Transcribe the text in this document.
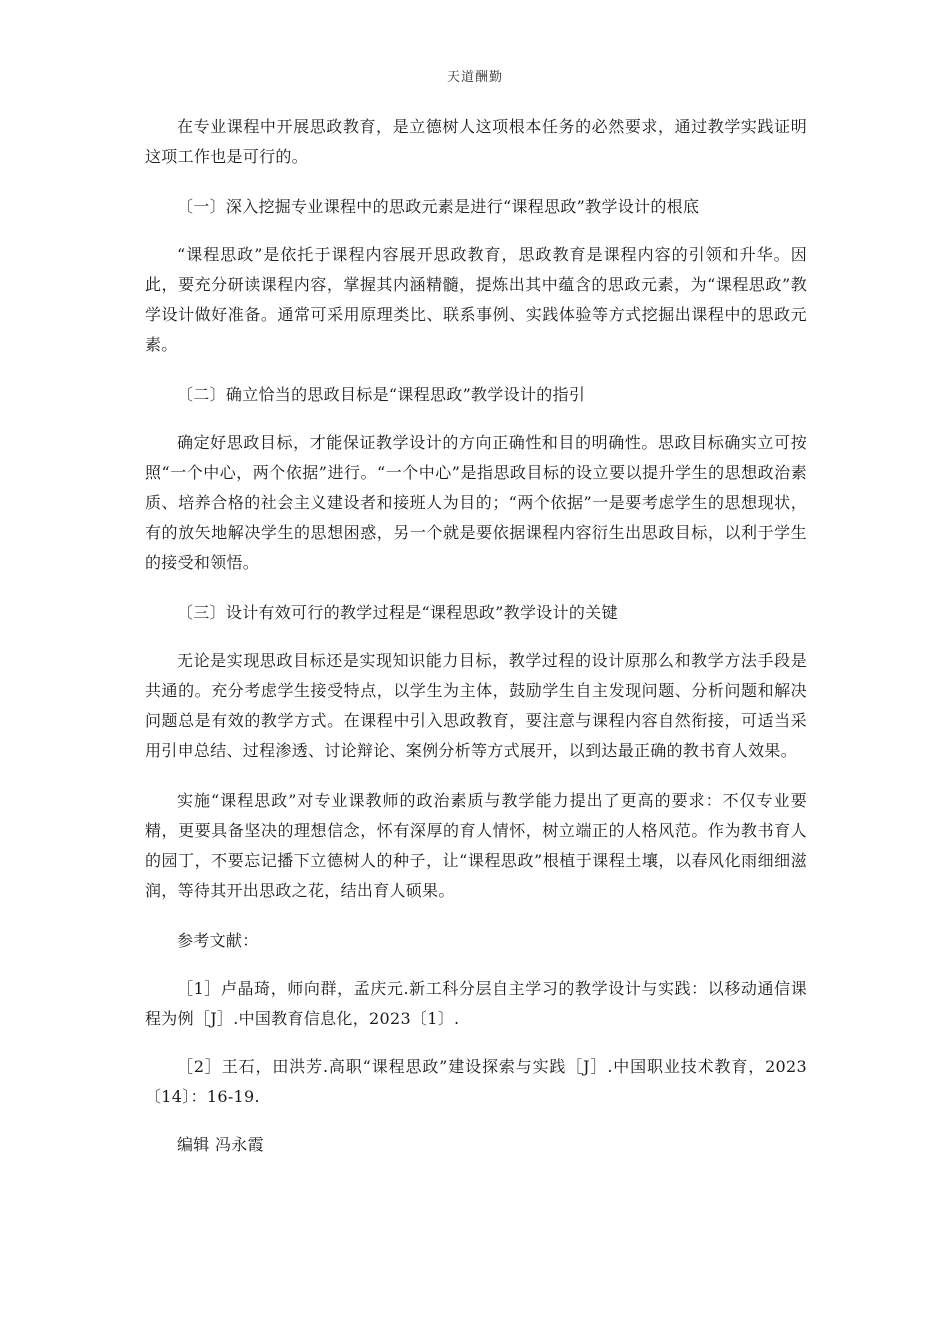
天道酬勤

在专业课程中开展思政教育，是立德树人这项根本任务的必然要求，通过教学实践证明这项工作也是可行的。

〔一〕深入挖掘专业课程中的思政元素是进行“课程思政”教学设计的根底

“课程思政”是依托于课程内容展开思政教育，思政教育是课程内容的引领和升华。因此，要充分研读课程内容，掌握其内涵精髓，提炼出其中蕴含的思政元素，为“课程思政”教学设计做好准备。通常可采用原理类比、联系事例、实践体验等方式挖掘出课程中的思政元素。

〔二〕确立恰当的思政目标是“课程思政”教学设计的指引

确定好思政目标，才能保证教学设计的方向正确性和目的明确性。思政目标确实立可按照“一个中心，两个依据”进行。“一个中心”是指思政目标的设立要以提升学生的思想政治素质、培养合格的社会主义建设者和接班人为目的；“两个依据”一是要考虑学生的思想现状，有的放矢地解决学生的思想困惑，另一个就是要依据课程内容衍生出思政目标，以利于学生的接受和领悟。

〔三〕设计有效可行的教学过程是“课程思政”教学设计的关键

无论是实现思政目标还是实现知识能力目标，教学过程的设计原那么和教学方法手段是共通的。充分考虑学生接受特点，以学生为主体，鼓励学生自主发现问题、分析问题和解决问题总是有效的教学方式。在课程中引入思政教育，要注意与课程内容自然衔接，可适当采用引申总结、过程渗透、讨论辩论、案例分析等方式展开，以到达最正确的教书育人效果。

实施“课程思政”对专业课教师的政治素质与教学能力提出了更高的要求：不仅专业要精，更要具备坚决的理想信念，怀有深厚的育人情怀，树立端正的人格风范。作为教书育人的园丁，不要忘记播下立德树人的种子，让“课程思政”根植于课程土壤，以春风化雨细细滋润，等待其开出思政之花，结出育人硕果。

参考文献：

［1］卢晶琦，师向群，孟庆元.新工科分层自主学习的教学设计与实践：以移动通信课程为例［J］.中国教育信息化，2023〔1〕.

［2］王石，田洪芳.高职“课程思政”建设探索与实践［J］.中国职业技术教育，2023〔14〕：16-19.

编辑 冯永霞
